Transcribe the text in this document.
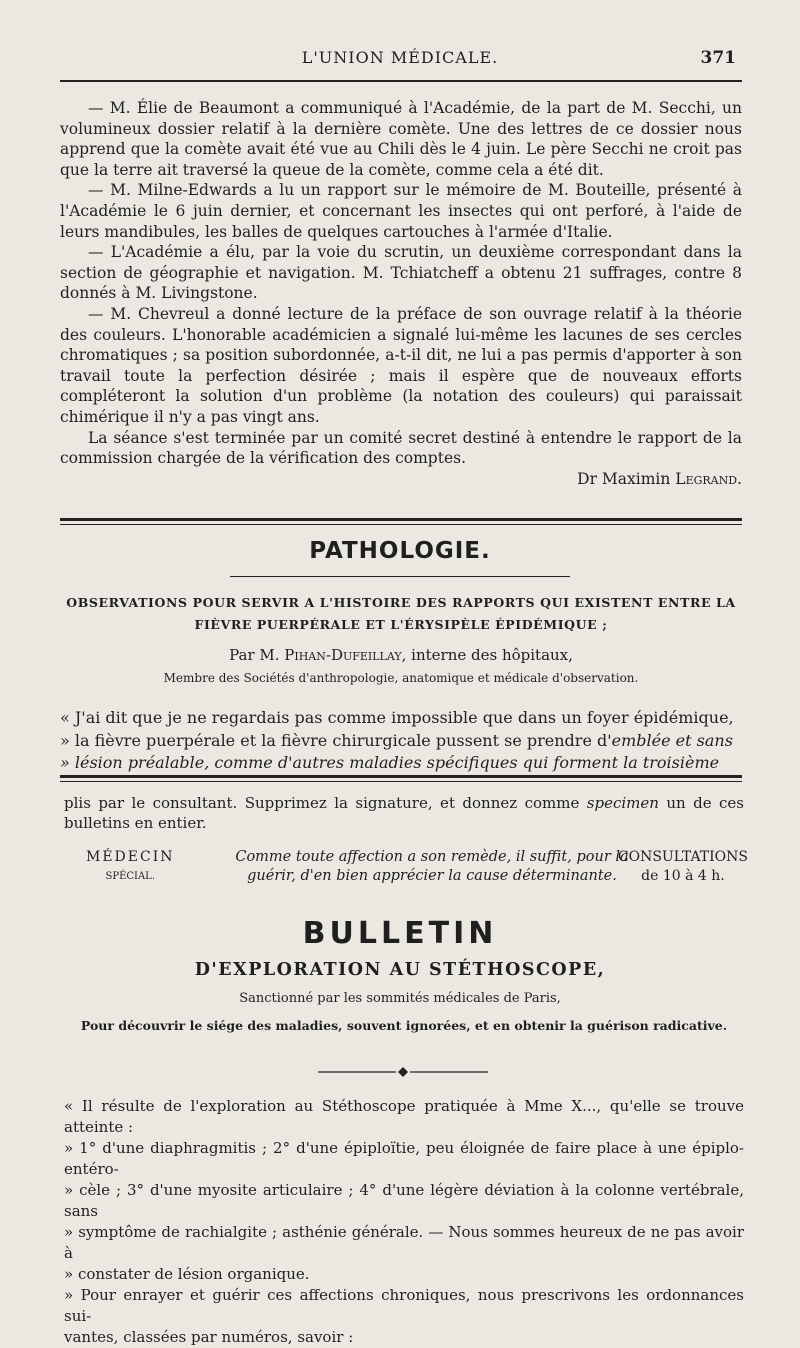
L'UNION MÉDICALE.	371

— M. Élie de Beaumont a communiqué à l'Académie, de la part de M. Secchi, un volumineux dossier relatif à la dernière comète. Une des lettres de ce dossier nous apprend que la comète avait été vue au Chili dès le 4 juin. Le père Secchi ne croit pas que la terre ait traversé la queue de la comète, comme cela a été dit.

— M. Milne-Edwards a lu un rapport sur le mémoire de M. Bouteille, présenté à l'Académie le 6 juin dernier, et concernant les insectes qui ont perforé, à l'aide de leurs mandibules, les balles de quelques cartouches à l'armée d'Italie.

— L'Académie a élu, par la voie du scrutin, un deuxième correspondant dans la section de géographie et navigation. M. Tchiatcheff a obtenu 21 suffrages, contre 8 donnés à M. Livingstone.

— M. Chevreul a donné lecture de la préface de son ouvrage relatif à la théorie des couleurs. L'honorable académicien a signalé lui-même les lacunes de ses cercles chromatiques ; sa position subordonnée, a-t-il dit, ne lui a pas permis d'apporter à son travail toute la perfection désirée ; mais il espère que de nouveaux efforts compléteront la solution d'un problème (la notation des couleurs) qui paraissait chimérique il n'y a pas vingt ans.

La séance s'est terminée par un comité secret destiné à entendre le rapport de la commission chargée de la vérification des comptes.

Dr Maximin Legrand.

PATHOLOGIE.
OBSERVATIONS POUR SERVIR A L'HISTOIRE DES RAPPORTS QUI EXISTENT ENTRE LA
FIÈVRE PUERPÉRALE ET L'ÉRYSIPÈLE ÉPIDÉMIQUE ;
Par M. Pihan-Dufeillay, interne des hôpitaux,
Membre des Sociétés d'anthropologie, anatomique et médicale d'observation.

« J'ai dit que je ne regardais pas comme impossible que dans un foyer épidémique,

» la fièvre puerpérale et la fièvre chirurgicale pussent se prendre d'emblée et sans

» lésion préalable, comme d'autres maladies spécifiques qui forment la troisième

plis par le consultant. Supprimez la signature, et donnez comme specimen un de ces bulletins en entier.
MÉDECIN
SPÉCIAL.
Comme toute affection a son remède, il suffit, pour la
guérir, d'en bien apprécier la cause déterminante.
CONSULTATIONS
de 10 à 4 h.
BULLETIN
D'EXPLORATION AU STÉTHOSCOPE,
Sanctionné par les sommités médicales de Paris,
Pour découvrir le siége des maladies, souvent ignorées, et en obtenir la guérison radicative.

« Il résulte de l'exploration au Stéthoscope pratiquée à Mme X..., qu'elle se trouve atteinte :

» 1° d'une diaphragmitis ; 2° d'une épiploïtie, peu éloignée de faire place à une épiplo-entéro-

» cèle ; 3° d'une myosite articulaire ; 4° d'une légère déviation à la colonne vertébrale, sans

» symptôme de rachialgite ; asthénie générale. — Nous sommes heureux de ne pas avoir à

» constater de lésion organique.

» Pour enrayer et guérir ces affections chroniques, nous prescrivons les ordonnances sui-

vantes, classées par numéros, savoir :
